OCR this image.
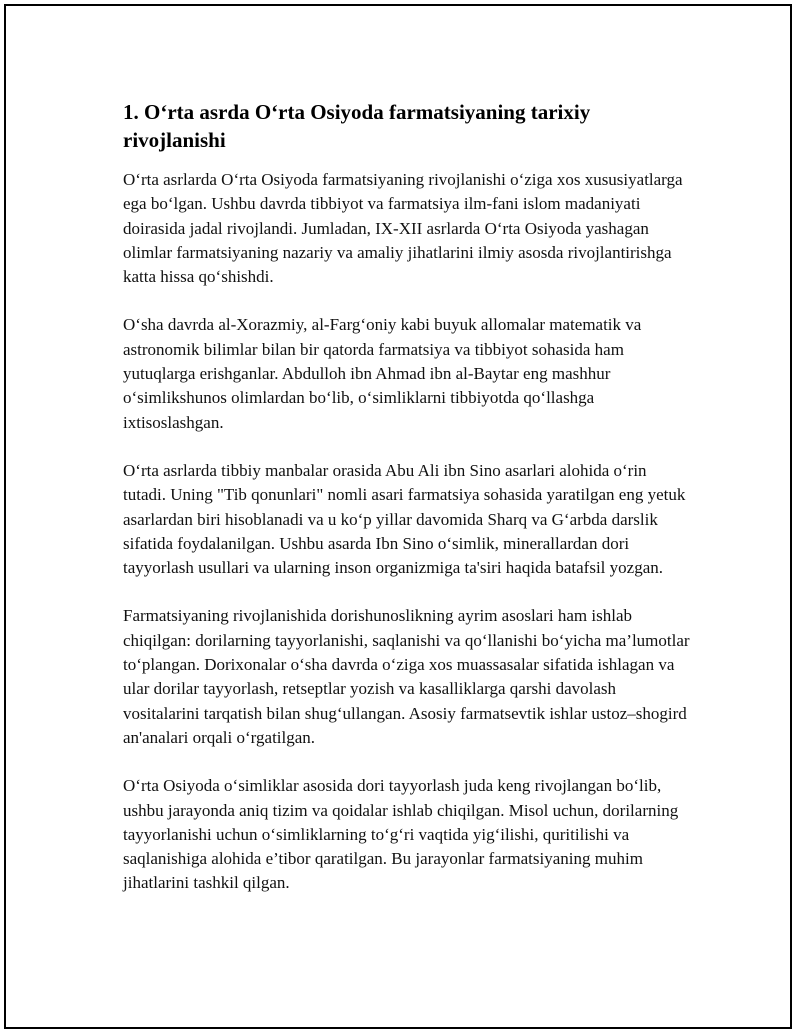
1. O‘rta asrda O‘rta Osiyoda farmatsiyaning tarixiy rivojlanishi

O‘rta asrlarda O‘rta Osiyoda farmatsiyaning rivojlanishi o‘ziga xos xususiyatlarga ega bo‘lgan. Ushbu davrda tibbiyot va farmatsiya ilm-fani islom madaniyati doirasida jadal rivojlandi. Jumladan, IX-XII asrlarda O‘rta Osiyoda yashagan olimlar farmatsiyaning nazariy va amaliy jihatlarini ilmiy asosda rivojlantirishga katta hissa qo‘shishdi.

O‘sha davrda al-Xorazmiy, al-Farg‘oniy kabi buyuk allomalar matematik va astronomik bilimlar bilan bir qatorda farmatsiya va tibbiyot sohasida ham yutuqlarga erishganlar. Abdulloh ibn Ahmad ibn al-Baytar eng mashhur o‘simlikshunos olimlardan bo‘lib, o‘simliklarni tibbiyotda qo‘llashga ixtisoslashgan.

O‘rta asrlarda tibbiy manbalar orasida Abu Ali ibn Sino asarlari alohida o‘rin tutadi. Uning "Tib qonunlari" nomli asari farmatsiya sohasida yaratilgan eng yetuk asarlardan biri hisoblanadi va u ko‘p yillar davomida Sharq va G‘arbda darslik sifatida foydalanilgan. Ushbu asarda Ibn Sino o‘simlik, minerallardan dori tayyorlash usullari va ularning inson organizmiga ta'siri haqida batafsil yozgan.

Farmatsiyaning rivojlanishida dorishunoslikning ayrim asoslari ham ishlab chiqilgan: dorilarning tayyorlanishi, saqlanishi va qo‘llanishi bo‘yicha ma’lumotlar to‘plangan. Dorixonalar o‘sha davrda o‘ziga xos muassasalar sifatida ishlagan va ular dorilar tayyorlash, retseptlar yozish va kasalliklarga qarshi davolash vositalarini tarqatish bilan shug‘ullangan. Asosiy farmatsevtik ishlar ustoz–shogird an'analari orqali o‘rgatilgan.

O‘rta Osiyoda o‘simliklar asosida dori tayyorlash juda keng rivojlangan bo‘lib, ushbu jarayonda aniq tizim va qoidalar ishlab chiqilgan. Misol uchun, dorilarning tayyorlanishi uchun o‘simliklarning to‘g‘ri vaqtida yig‘ilishi, quritilishi va saqlanishiga alohida e’tibor qaratilgan. Bu jarayonlar farmatsiyaning muhim jihatlarini tashkil qilgan.
